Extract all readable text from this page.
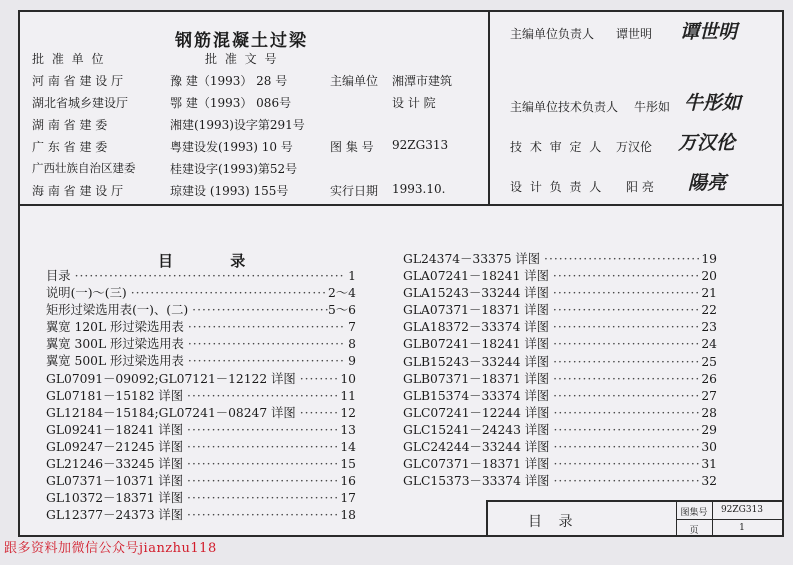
钢筋混凝土过梁
批 准 单 位	批 准 文 号
河 南 省 建 设 厅	豫 建（1993） 28 号
湖北省城乡建设厅	鄂 建（1993） 086号
湖 南 省 建 委	湘建(1993)设字第291号
广 东 省 建 委	粤建设发(1993) 10 号
广西壮族自治区建委	桂建设字(1993)第52号
海 南 省 建 设 厅	琼建设 (1993) 155号
主编单位 湘潭市建筑
设 计 院
图 集 号 92ZG313
实行日期 1993.10.
主编单位负责人 谭世明 谭世明
主编单位技术负责人 牛彤如 牛彤如
技 术 审 定 人 万汉伦 万汉伦
设 计 负 责 人 阳 亮 陽亮
目 录
目录 ·····	1
说明(一)～(三) ·····	2～4
矩形过梁选用表(一)、(二) ·····	5～6
翼宽 120L 形过梁选用表 ·····	7
翼宽 300L 形过梁选用表 ·····	8
翼宽 500L 形过梁选用表 ·····	9
GL07091－09092;GL07121－12122 详图 ·····	10
GL07181－15182 详图 ·····	11
GL12184－15184;GL07241－08247 详图 ·····	12
GL09241－18241 详图 ·····	13
GL09247－21245 详图 ·····	14
GL21246－33245 详图 ·····	15
GL07371－10371 详图 ·····	16
GL10372－18371 详图 ·····	17
GL12377－24373 详图 ·····	18
GL24374－33375 详图 ·····	19
GLA07241－18241 详图 ·····	20
GLA15243－33244 详图 ·····	21
GLA07371－18371 详图 ·····	22
GLA18372－33374 详图 ·····	23
GLB07241－18241 详图 ·····	24
GLB15243－33244 详图 ·····	25
GLB07371－18371 详图 ·····	26
GLB15374－33374 详图 ·····	27
GLC07241－12244 详图 ·····	28
GLC15241－24243 详图 ·····	29
GLC24244－33244 详图 ·····	30
GLC07371－18371 详图 ·····	31
GLC15373－33374 详图 ·····	32
目 录
图集号	92ZG313
页	1
跟多资料加微信公众号jianzhu118
